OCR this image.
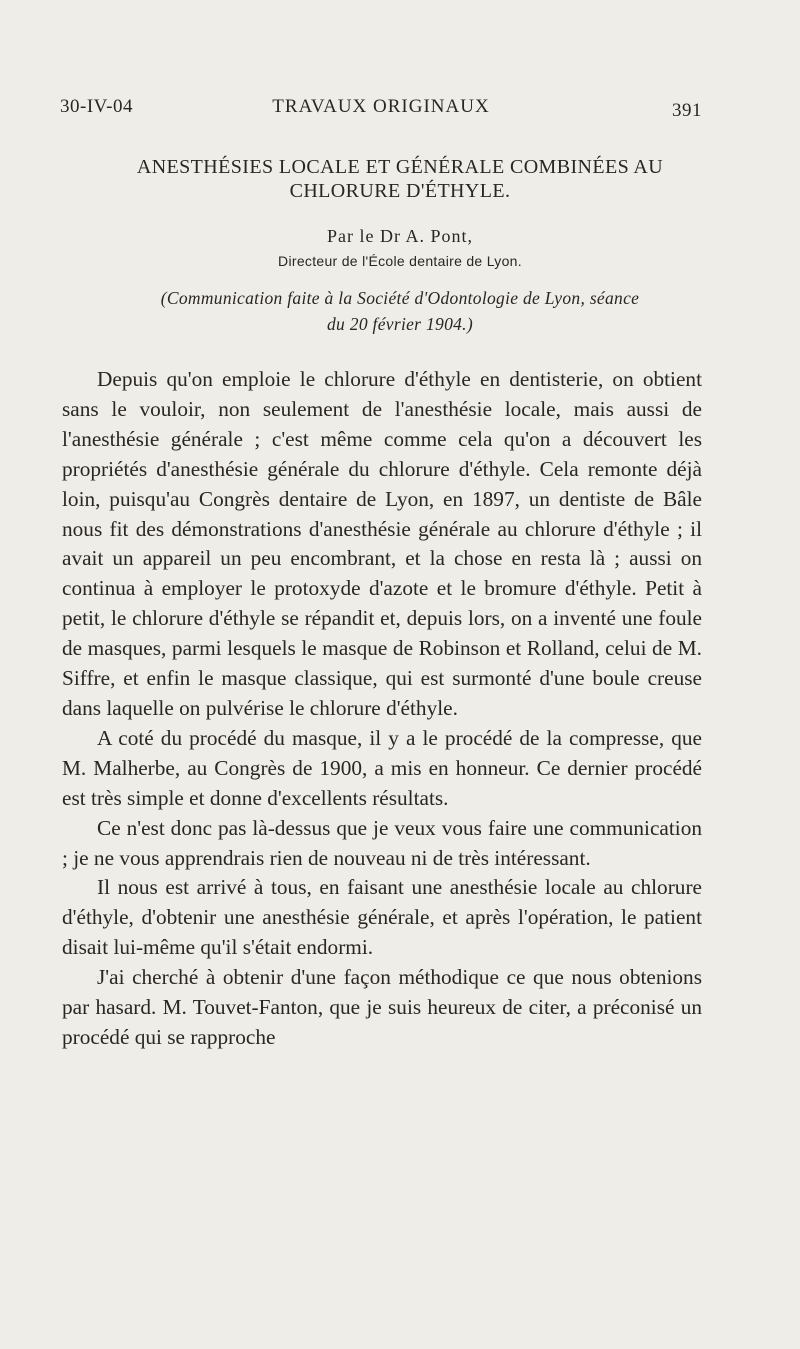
30-IV-04	TRAVAUX ORIGINAUX	391
ANESTHÉSIES LOCALE ET GÉNÉRALE COMBINÉES AU
CHLORURE D'ÉTHYLE.
Par le Dr A. Pont,
Directeur de l'École dentaire de Lyon.
(Communication faite à la Société d'Odontologie de Lyon, séance
du 20 février 1904.)

Depuis qu'on emploie le chlorure d'éthyle en dentisterie, on obtient sans le vouloir, non seulement de l'anesthésie locale, mais aussi de l'anesthésie générale ; c'est même comme cela qu'on a découvert les propriétés d'anesthésie générale du chlorure d'éthyle. Cela remonte déjà loin, puisqu'au Congrès dentaire de Lyon, en 1897, un dentiste de Bâle nous fit des démonstrations d'anesthésie générale au chlorure d'éthyle ; il avait un appareil un peu encombrant, et la chose en resta là ; aussi on continua à employer le protoxyde d'azote et le bromure d'éthyle. Petit à petit, le chlorure d'éthyle se répandit et, depuis lors, on a inventé une foule de masques, parmi lesquels le masque de Robinson et Rolland, celui de M. Siffre, et enfin le masque classique, qui est surmonté d'une boule creuse dans laquelle on pulvérise le chlorure d'éthyle.

A coté du procédé du masque, il y a le procédé de la compresse, que M. Malherbe, au Congrès de 1900, a mis en honneur. Ce dernier procédé est très simple et donne d'excellents résultats.

Ce n'est donc pas là-dessus que je veux vous faire une communication ; je ne vous apprendrais rien de nouveau ni de très intéressant.

Il nous est arrivé à tous, en faisant une anesthésie locale au chlorure d'éthyle, d'obtenir une anesthésie générale, et après l'opération, le patient disait lui-même qu'il s'était endormi.

J'ai cherché à obtenir d'une façon méthodique ce que nous obtenions par hasard. M. Touvet-Fanton, que je suis heureux de citer, a préconisé un procédé qui se rapproche
